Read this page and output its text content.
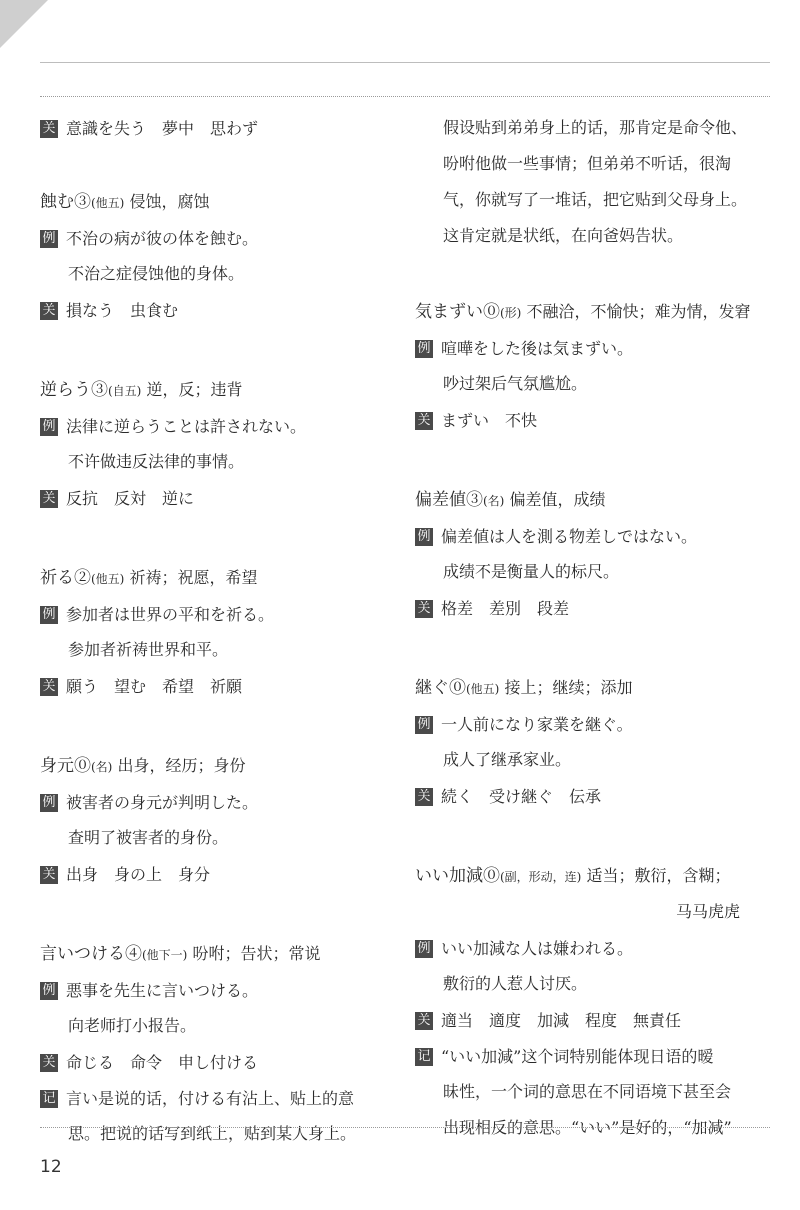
关 意識を失う　夢中　思わず
蝕む③(他五) 侵蚀，腐蚀
例 不治の病が彼の体を蝕む。
不治之症侵蚀他的身体。
关 損なう　虫食む
逆らう③(自五) 逆，反；违背
例 法律に逆らうことは許されない。
不许做违反法律的事情。
关 反抗　反対　逆に
祈る②(他五) 祈祷；祝愿，希望
例 参加者は世界の平和を祈る。
参加者祈祷世界和平。
关 願う　望む　希望　祈願
身元⓪(名) 出身，经历；身份
例 被害者の身元が判明した。
查明了被害者的身份。
关 出身　身の上　身分
言いつける④(他下一) 吩咐；告状；常说
例 悪事を先生に言いつける。
向老师打小报告。
关 命じる　命令　申し付ける
记 言い是说的话，付ける有沾上、贴上的意
思。把说的话写到纸上，贴到某人身上。
假设贴到弟弟身上的话，那肯定是命令他、
吩咐他做一些事情；但弟弟不听话，很淘
气，你就写了一堆话，把它贴到父母身上。
这肯定就是状纸，在向爸妈告状。
気まずい⓪(形) 不融洽，不愉快；难为情，发窘
例 喧嘩をした後は気まずい。
吵过架后气氛尴尬。
关 まずい　不快
偏差値③(名) 偏差值，成绩
例 偏差値は人を測る物差しではない。
成绩不是衡量人的标尺。
关 格差　差別　段差
継ぐ⓪(他五) 接上；继续；添加
例 一人前になり家業を継ぐ。
成人了继承家业。
关 続く　受け継ぐ　伝承
いい加減⓪(副，形动，连) 适当；敷衍，含糊；
马马虎虎
例 いい加減な人は嫌われる。
敷衍的人惹人讨厌。
关 適当　適度　加減　程度　無責任
记 “いい加減”这个词特别能体现日语的暧
昧性，一个词的意思在不同语境下甚至会
出现相反的意思。“いい”是好的，“加减”
12
